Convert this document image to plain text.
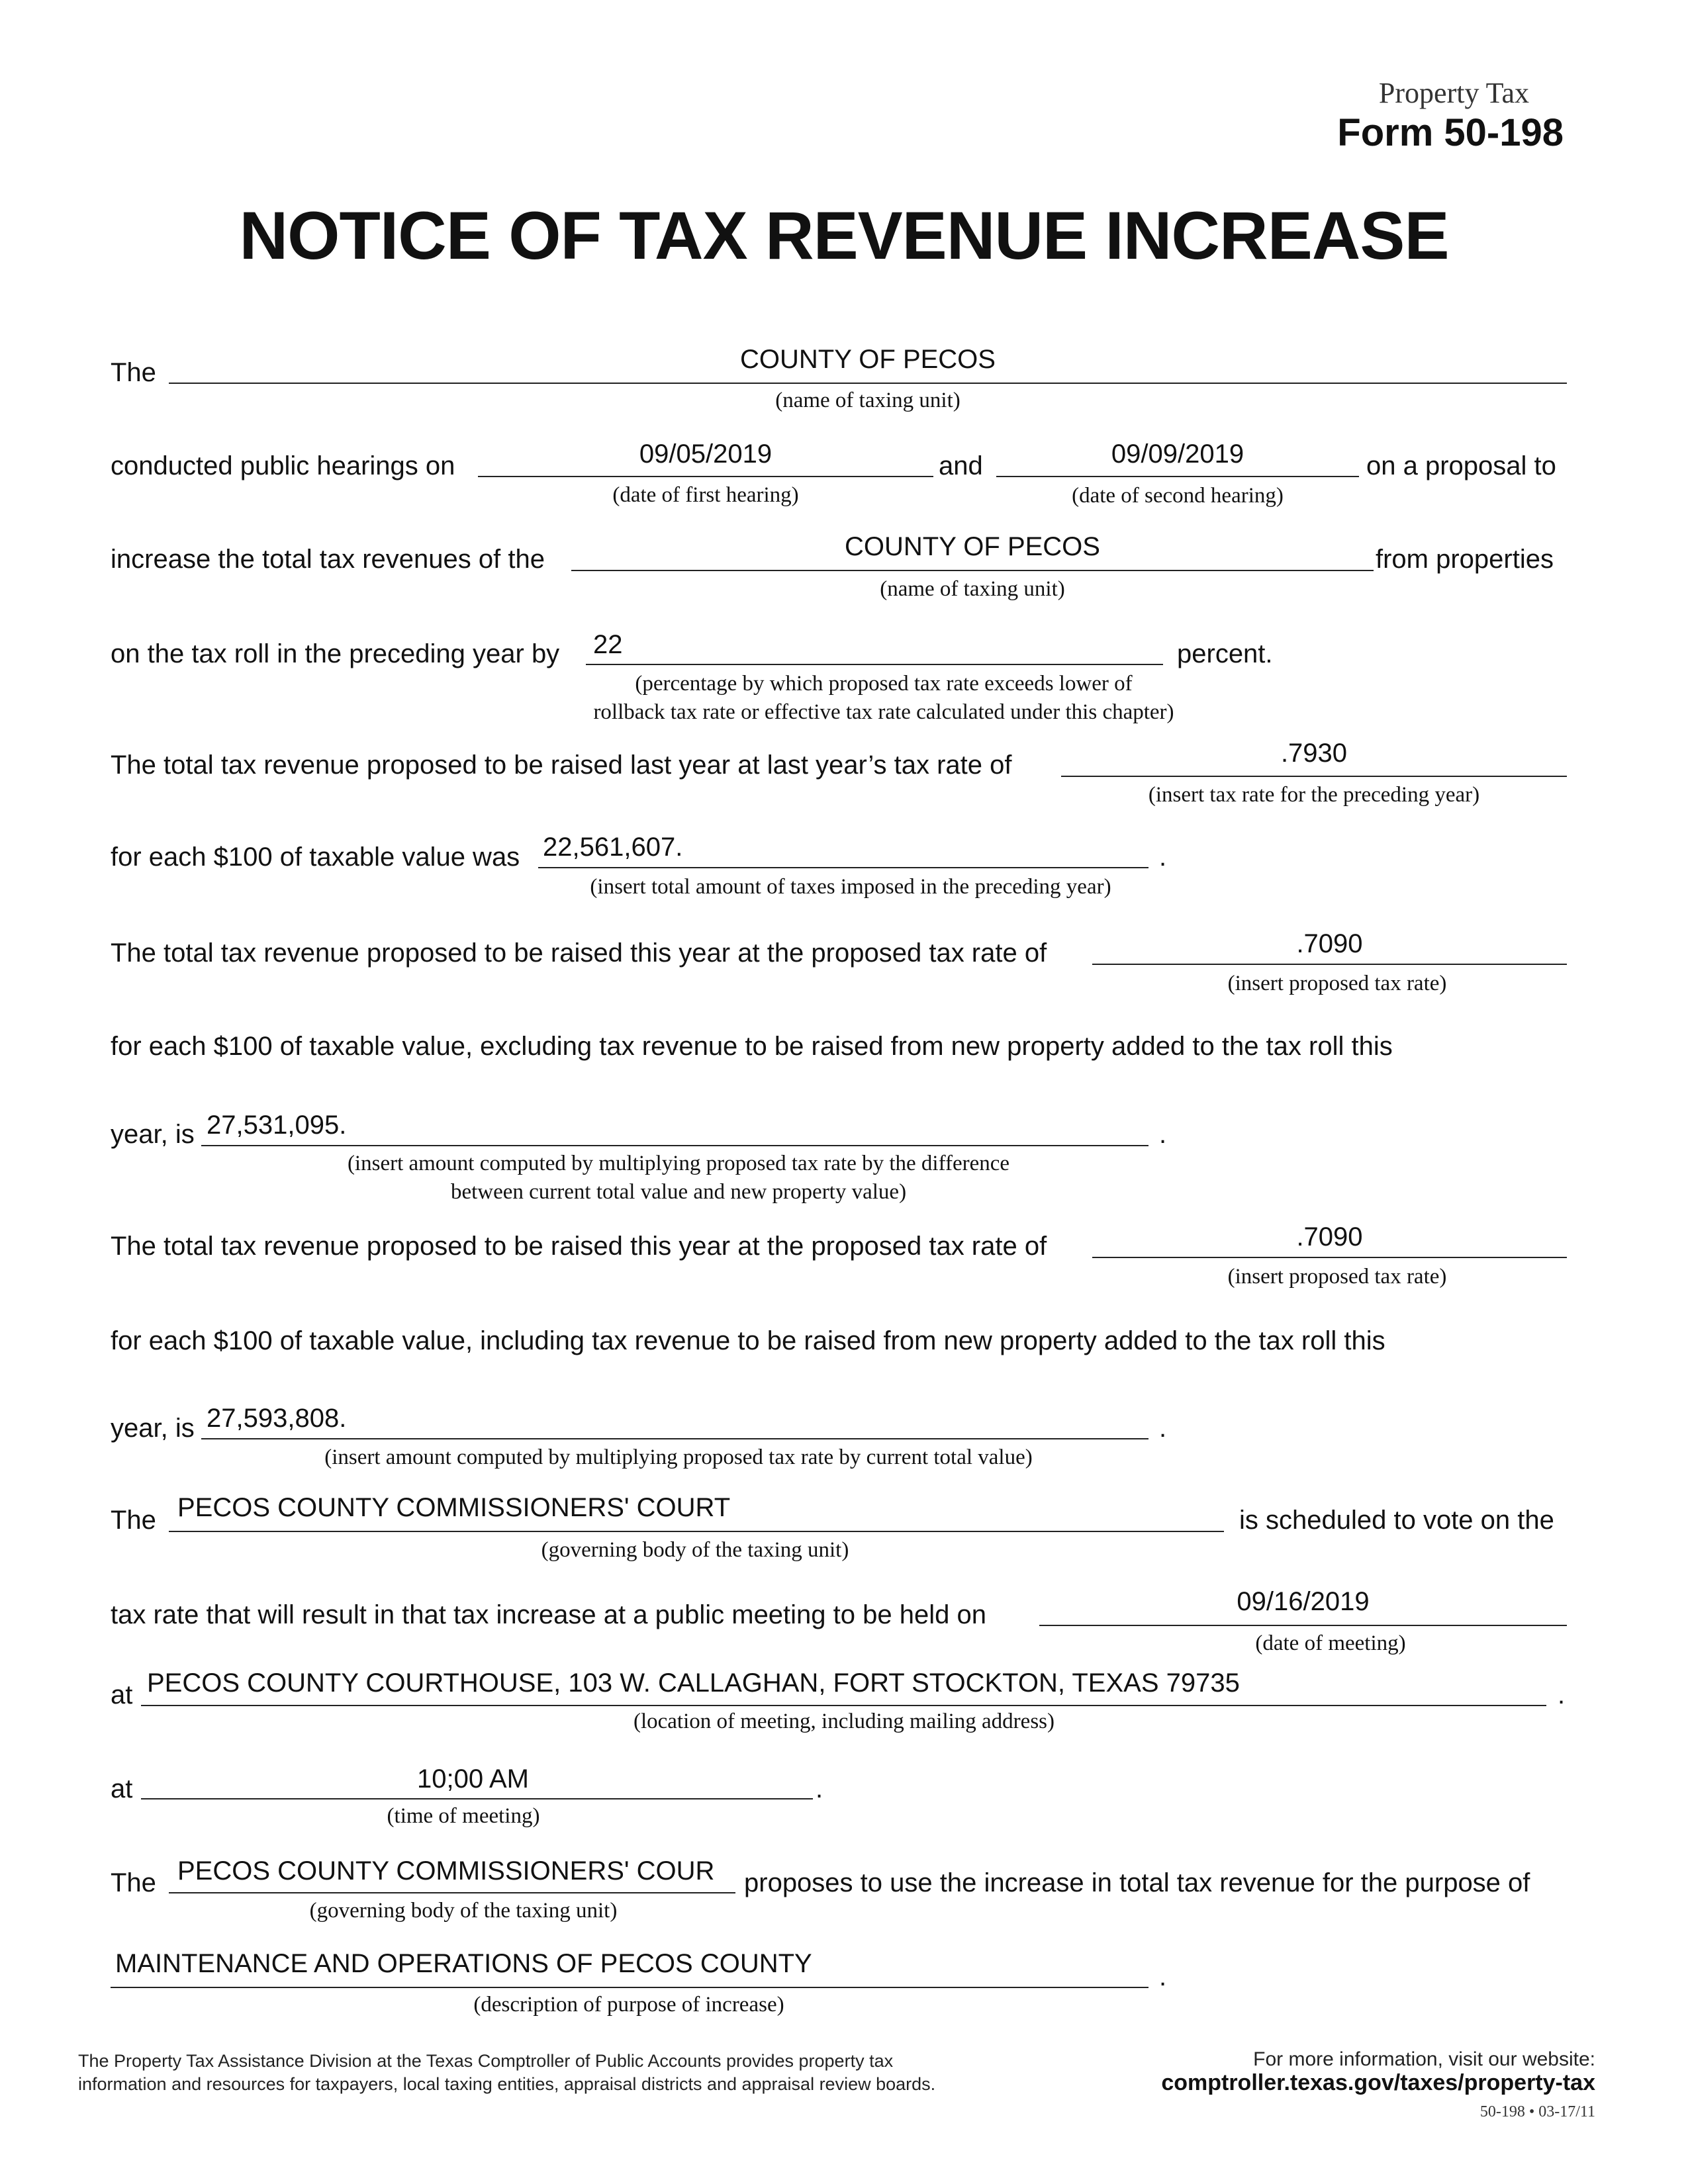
Property Tax
Form 50-198
NOTICE OF TAX REVENUE INCREASE
The	COUNTY OF PECOS
(name of taxing unit)
conducted public hearings on	09/05/2019	and	09/09/2019	on a proposal to
(date of first hearing)	(date of second hearing)
increase the total tax revenues of the	COUNTY OF PECOS	from properties
(name of taxing unit)
on the tax roll in the preceding year by 22	percent.
(percentage by which proposed tax rate exceeds lower of
rollback tax rate or effective tax rate calculated under this chapter)
The total tax revenue proposed to be raised last year at last year’s tax rate of	.7930
(insert tax rate for the preceding year)
for each $100 of taxable value was 22,561,607.	.
(insert total amount of taxes imposed in the preceding year)
The total tax revenue proposed to be raised this year at the proposed tax rate of	.7090
(insert proposed tax rate)
for each $100 of taxable value, excluding tax revenue to be raised from new property added to the tax roll this
year, is 27,531,095.	.
(insert amount computed by multiplying proposed tax rate by the difference
between current total value and new property value)
The total tax revenue proposed to be raised this year at the proposed tax rate of	.7090
(insert proposed tax rate)
for each $100 of taxable value, including tax revenue to be raised from new property added to the tax roll this
year, is 27,593,808.	.
(insert amount computed by multiplying proposed tax rate by current total value)
The PECOS COUNTY COMMISSIONERS' COURT	is scheduled to vote on the
(governing body of the taxing unit)
tax rate that will result in that tax increase at a public meeting to be held on	09/16/2019
(date of meeting)
at PECOS COUNTY COURTHOUSE, 103 W. CALLAGHAN, FORT STOCKTON, TEXAS 79735	.
(location of meeting, including mailing address)
at	10;00 AM	.
(time of meeting)
The PECOS COUNTY COMMISSIONERS' COUR proposes to use the increase in total tax revenue for the purpose of
(governing body of the taxing unit)
MAINTENANCE AND OPERATIONS OF PECOS COUNTY	.
(description of purpose of increase)
The Property Tax Assistance Division at the Texas Comptroller of Public Accounts provides property tax
information and resources for taxpayers, local taxing entities, appraisal districts and appraisal review boards.
For more information, visit our website:
comptroller.texas.gov/taxes/property-tax
50-198 • 03-17/11
